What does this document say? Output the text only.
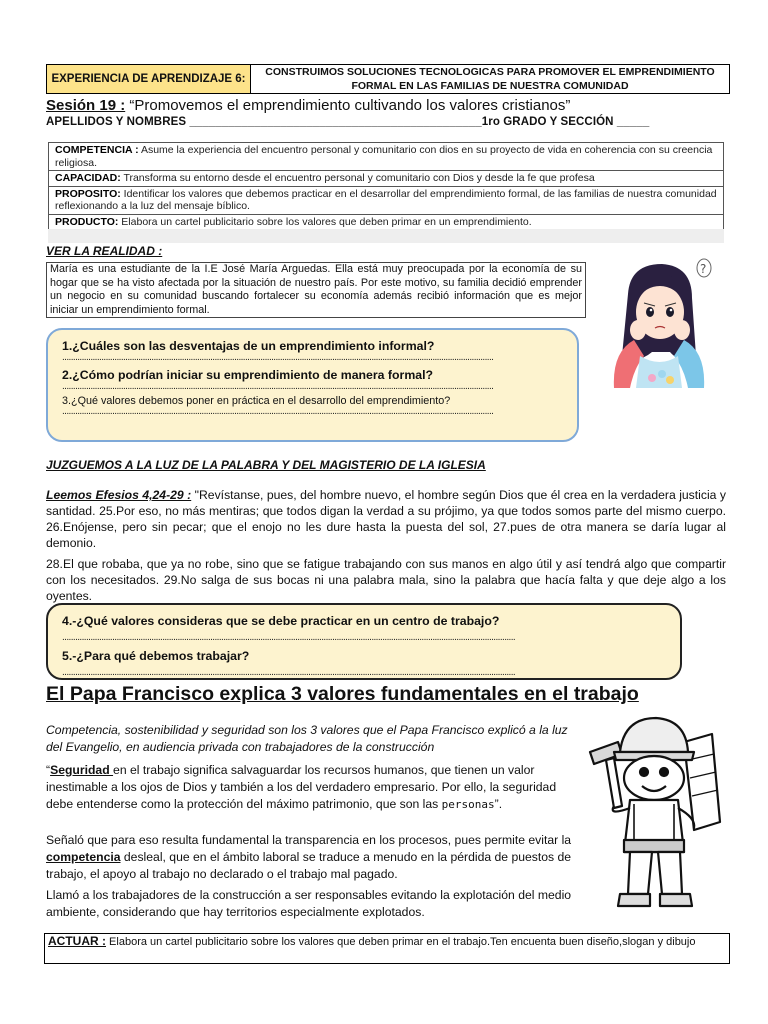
EXPERIENCIA DE APRENDIZAJE 6:
CONSTRUIMOS SOLUCIONES TECNOLOGICAS PARA PROMOVER EL EMPRENDIMIENTO FORMAL EN LAS FAMILIAS DE NUESTRA COMUNIDAD
Sesión 19 : “Promovemos el emprendimiento cultivando los valores cristianos”
APELLIDOS Y NOMBRES _____________________________________________1ro GRADO Y SECCIÓN _____
COMPETENCIA : Asume la experiencia del encuentro personal y comunitario con dios en su proyecto de vida en coherencia con su creencia religiosa.
CAPACIDAD: Transforma su entorno desde el encuentro personal y comunitario con Dios y desde la fe que profesa
PROPOSITO: Identificar los valores que debemos practicar en el desarrollar del emprendimiento formal, de las familias de nuestra comunidad reflexionando a la luz del mensaje bíblico.
PRODUCTO: Elabora un cartel publicitario sobre los valores que deben primar en un emprendimiento.
VER LA REALIDAD :
María es una estudiante de la I.E José María Arguedas. Ella está muy preocupada por la economía de su hogar que se ha visto afectada por la situación de nuestro país. Por este motivo, su familia decidió emprender un negocio en su comunidad buscando fortalecer su economía además recibió información que es mejor iniciar un emprendimiento formal.
?
1.¿Cuáles son las desventajas de un emprendimiento informal?
......................................................................................................................................................................................................
2.¿Cómo podrían iniciar su emprendimiento de manera formal?
......................................................................................................................................................................................................
3.¿Qué valores debemos poner en práctica en el desarrollo del emprendimiento?
......................................................................................................................................................................................................
JUZGUEMOS A LA LUZ DE LA PALABRA Y DEL MAGISTERIO DE LA IGLESIA
Leemos Efesios 4,24-29 : "Revístanse, pues, del hombre nuevo, el hombre según Dios que él crea en la verdadera justicia y santidad. 25.Por eso, no más mentiras; que todos digan la verdad a su prójimo, ya que todos somos parte del mismo cuerpo. 26.Enójense, pero sin pecar; que el enojo no les dure hasta la puesta del sol, 27.pues de otra manera se daría lugar al demonio.
28.El que robaba, que ya no robe, sino que se fatigue trabajando con sus manos en algo útil y así tendrá algo que compartir con los necesitados. 29.No salga de sus bocas ni una palabra mala, sino la palabra que hacía falta y que deje algo a los oyentes.
4.-¿Qué valores consideras que se debe practicar en un centro de trabajo?
................................................................................................................................................................................................................
5.-¿Para qué debemos trabajar?
................................................................................................................................................................................................................
El Papa Francisco explica 3 valores fundamentales en el trabajo
Competencia, sostenibilidad y seguridad son los 3 valores que el Papa Francisco explicó a la luz del Evangelio, en audiencia privada con trabajadores de la construcción
“Seguridad en el trabajo significa salvaguardar los recursos humanos, que tienen un valor inestimable a los ojos de Dios y también a los del verdadero empresario. Por ello, la seguridad debe entenderse como la protección del máximo patrimonio, que son las personas”.
Señaló que para eso resulta fundamental la transparencia en los procesos, pues permite evitar la competencia desleal, que en el ámbito laboral se traduce a menudo en la pérdida de puestos de trabajo, el apoyo al trabajo no declarado o el trabajo mal pagado.
Llamó a los trabajadores de la construcción a ser responsables evitando la explotación del medio ambiente, considerando que hay territorios especialmente explotados.
ACTUAR : Elabora un cartel publicitario sobre los valores que deben primar en el trabajo.Ten encuenta buen diseño,slogan y dibujo
